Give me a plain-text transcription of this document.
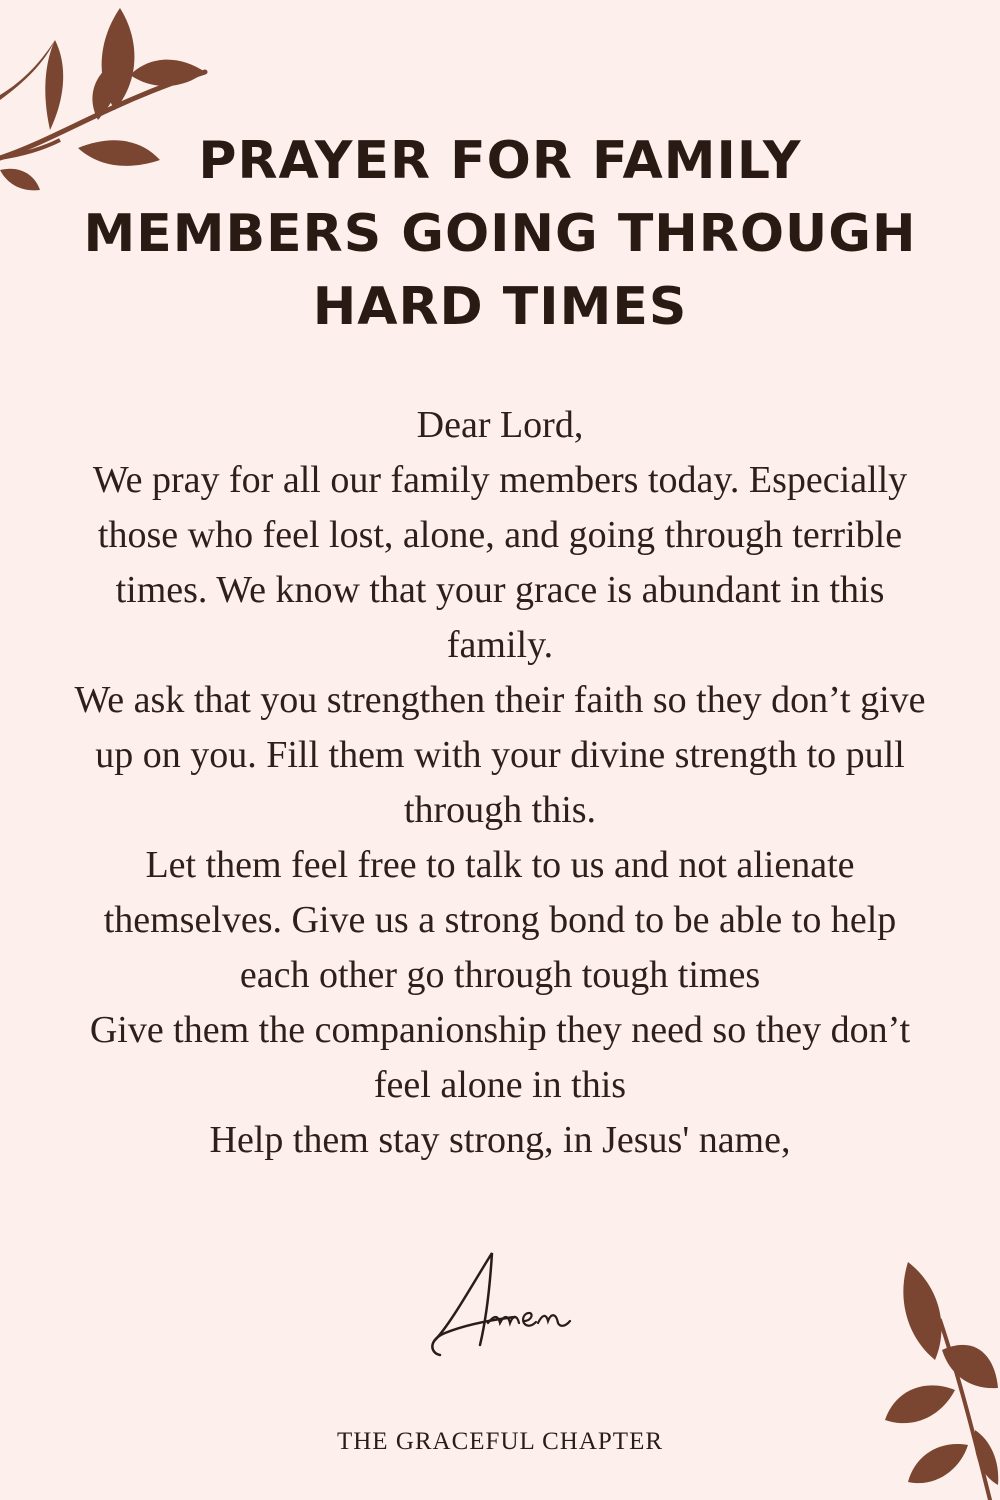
PRAYER FOR FAMILY MEMBERS GOING THROUGH HARD TIMES

Dear Lord,

We pray for all our family members today. Especially those who feel lost, alone, and going through terrible times. We know that your grace is abundant in this family.

We ask that you strengthen their faith so they don’t give up on you. Fill them with your divine strength to pull through this.

Let them feel free to talk to us and not alienate themselves. Give us a strong bond to be able to help each other go through tough times

Give them the companionship they need so they don’t feel alone in this

Help them stay strong, in Jesus' name,

THE GRACEFUL CHAPTER
